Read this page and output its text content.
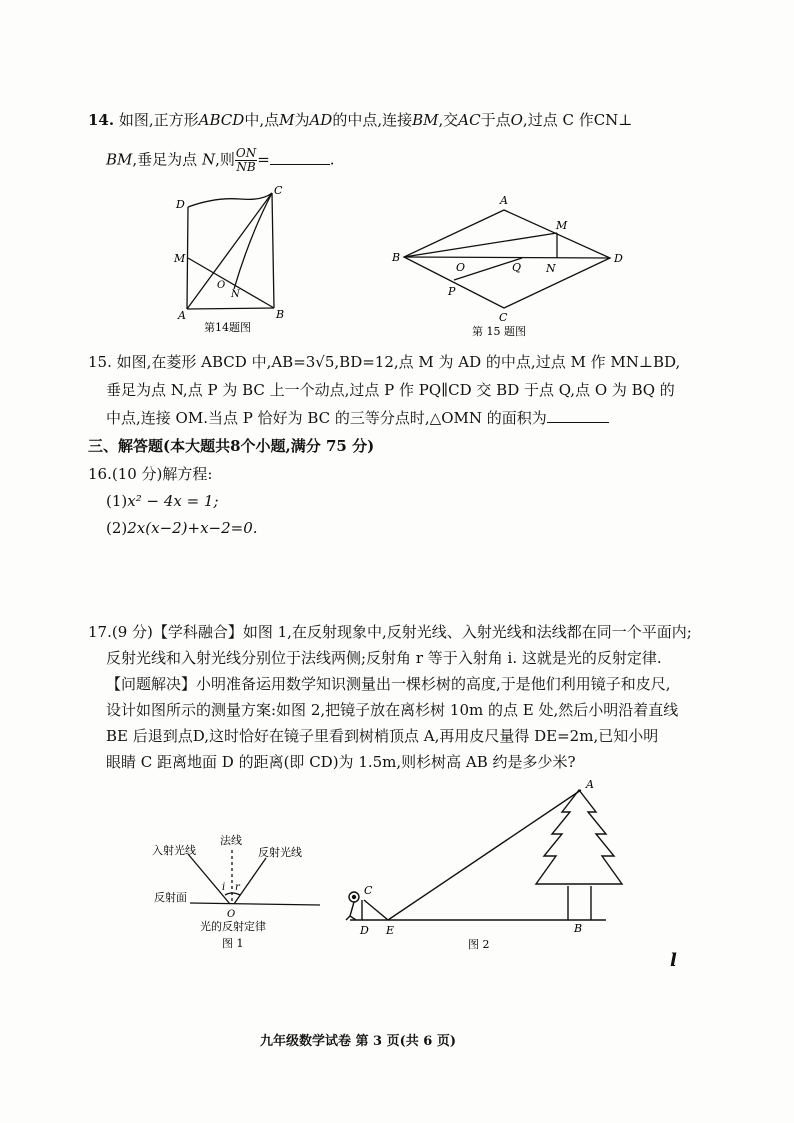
14. 如图,正方形ABCD中,点M为AD的中点,连接BM,交AC于点O,过点 C 作CN⊥
BM,垂足为点 N,则 $\frac{ON}{NB}$ =	.
D
C
M
O
N
A	B
第14题图
A
M
B
O	Q N
D
P
C
第 15 题图
15. 如图,在菱形 ABCD 中,AB=3√5,BD=12,点 M 为 AD 的中点,过点 M 作 MN⊥BD,
垂足为点 N,点 P 为 BC 上一个动点,过点 P 作 PQ∥CD 交 BD 于点 Q,点 O 为 BQ 的
中点,连接 OM.当点 P 恰好为 BC 的三等分点时,△OMN 的面积为
三、解答题(本大题共8个小题,满分 75 分)
16.(10 分)解方程:
(1)x² − 4x = 1;
(2)2x(x−2)+x−2=0.
17.(9 分)【学科融合】如图 1,在反射现象中,反射光线、入射光线和法线都在同一个平面内;
反射光线和入射光线分别位于法线两侧;反射角 r 等于入射角 i. 这就是光的反射定律.
【问题解决】小明准备运用数学知识测量出一棵杉树的高度,于是他们利用镜子和皮尺,
设计如图所示的测量方案:如图 2,把镜子放在离杉树 10m 的点 E 处,然后小明沿着直线
BE 后退到点D,这时恰好在镜子里看到树梢顶点 A,再用皮尺量得 DE=2m,已知小明
眼睛 C 距离地面 D 的距离(即 CD)为 1.5m,则杉树高 AB 约是多少米?
入射光线
法线
反射光线
反射面
i r
O
光的反射定律
图 1
A
C
D E	B
图 2
l
九年级数学试卷 第 3 页(共 6 页)
